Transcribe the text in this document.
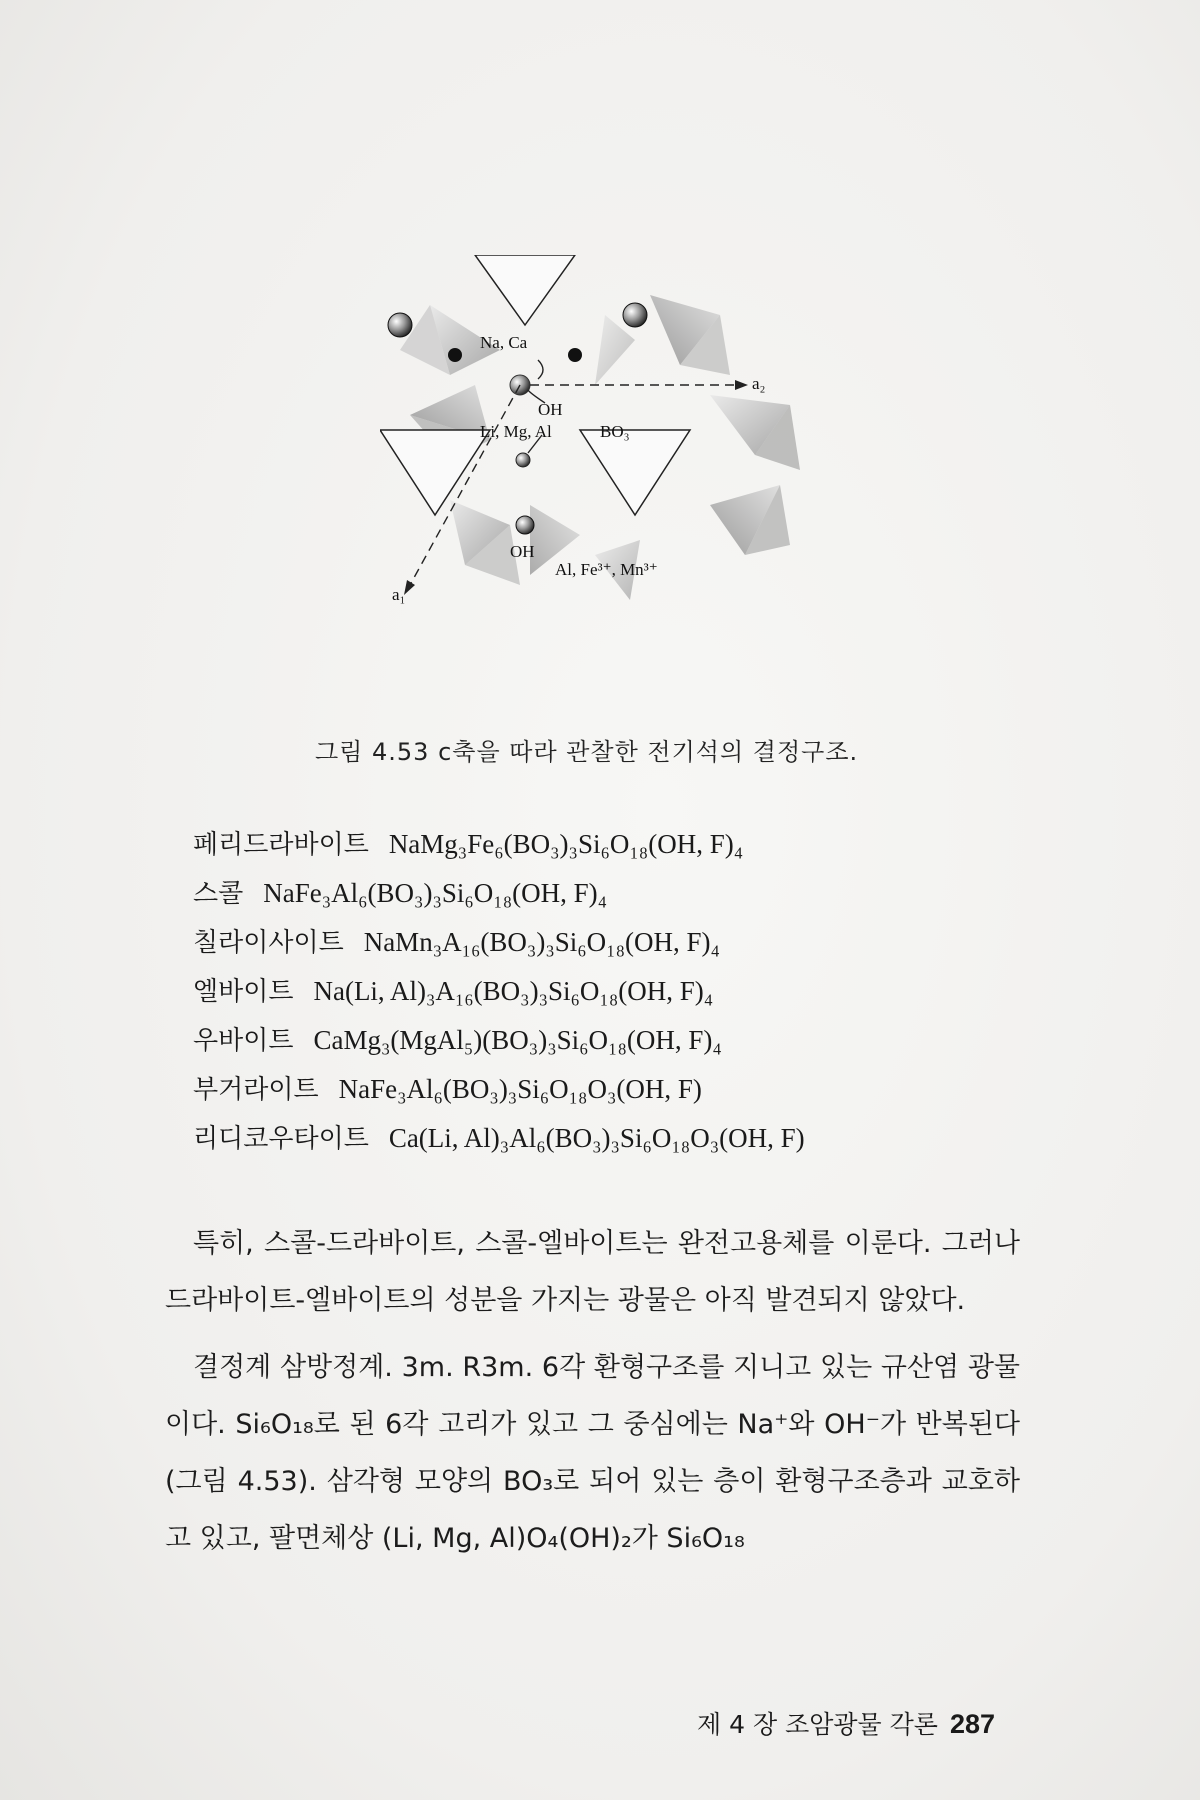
Na, Ca
OH
Li, Mg, Al	BO₃
OH
Al, Fe³⁺, Mn³⁺
a₁
a₂
그림 4.53 c축을 따라 관찰한 전기석의 결정구조.
페리드라바이트 NaMg₃Fe₆(BO₃)₃Si₆O₁₈(OH, F)₄
스콜 NaFe₃Al₆(BO₃)₃Si₆O₁₈(OH, F)₄
칠라이사이트 NaMn₃A₁₆(BO₃)₃Si₆O₁₈(OH, F)₄
엘바이트 Na(Li, Al)₃A₁₆(BO₃)₃Si₆O₁₈(OH, F)₄
우바이트 CaMg₃(MgAl₅)(BO₃)₃Si₆O₁₈(OH, F)₄
부거라이트 NaFe₃Al₆(BO₃)₃Si₆O₁₈O₃(OH, F)
리디코우타이트 Ca(Li, Al)₃Al₆(BO₃)₃Si₆O₁₈O₃(OH, F)

특히, 스콜-드라바이트, 스콜-엘바이트는 완전고용체를 이룬다. 그러나 드라바이트-엘바이트의 성분을 가지는 광물은 아직 발견되지 않았다.

결정계 삼방정계. 3m. R3m. 6각 환형구조를 지니고 있는 규산염 광물이다. Si₆O₁₈로 된 6각 고리가 있고 그 중심에는 Na⁺와 OH⁻가 반복된다(그림 4.53). 삼각형 모양의 BO₃로 되어 있는 층이 환형구조층과 교호하고 있고, 팔면체상 (Li, Mg, Al)O₄(OH)₂가 Si₆O₁₈

제 4 장 조암광물 각론 287
